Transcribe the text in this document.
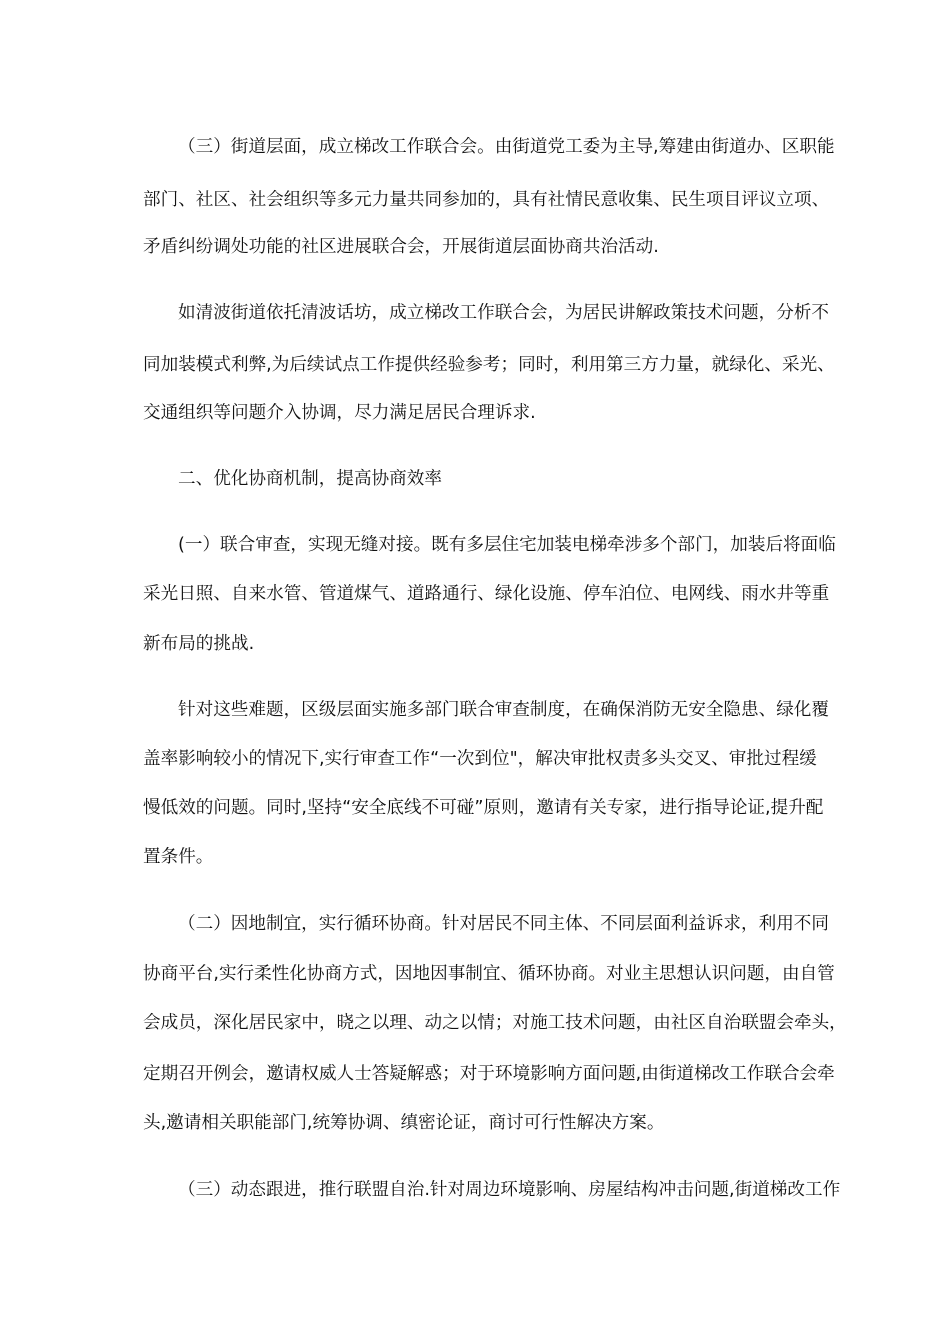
（三）街道层面，成立梯改工作联合会。由街道党工委为主导,筹建由街道办、区职能
部门、社区、社会组织等多元力量共同参加的，具有社情民意收集、民生项目评议立项、
矛盾纠纷调处功能的社区进展联合会，开展街道层面协商共治活动.
如清波街道依托清波话坊，成立梯改工作联合会，为居民讲解政策技术问题，分析不
同加装模式利弊,为后续试点工作提供经验参考；同时，利用第三方力量，就绿化、采光、
交通组织等问题介入协调，尽力满足居民合理诉求.
二、优化协商机制，提高协商效率
(一）联合审查，实现无缝对接。既有多层住宅加装电梯牵涉多个部门，加装后将面临
采光日照、自来水管、管道煤气、道路通行、绿化设施、停车泊位、电网线、雨水井等重
新布局的挑战.
针对这些难题，区级层面实施多部门联合审查制度，在确保消防无安全隐患、绿化覆
盖率影响较小的情况下,实行审查工作“一次到位"，解决审批权责多头交叉、审批过程缓
慢低效的问题。同时,坚持“安全底线不可碰”原则，邀请有关专家，进行指导论证,提升配
置条件。
（二）因地制宜，实行循环协商。针对居民不同主体、不同层面利益诉求，利用不同
协商平台,实行柔性化协商方式，因地因事制宜、循环协商。对业主思想认识问题，由自管
会成员，深化居民家中，晓之以理、动之以情；对施工技术问题，由社区自治联盟会牵头，
定期召开例会，邀请权威人士答疑解惑；对于环境影响方面问题,由街道梯改工作联合会牵
头,邀请相关职能部门,统筹协调、缜密论证，商讨可行性解决方案。
（三）动态跟进，推行联盟自治.针对周边环境影响、房屋结构冲击问题,街道梯改工作
